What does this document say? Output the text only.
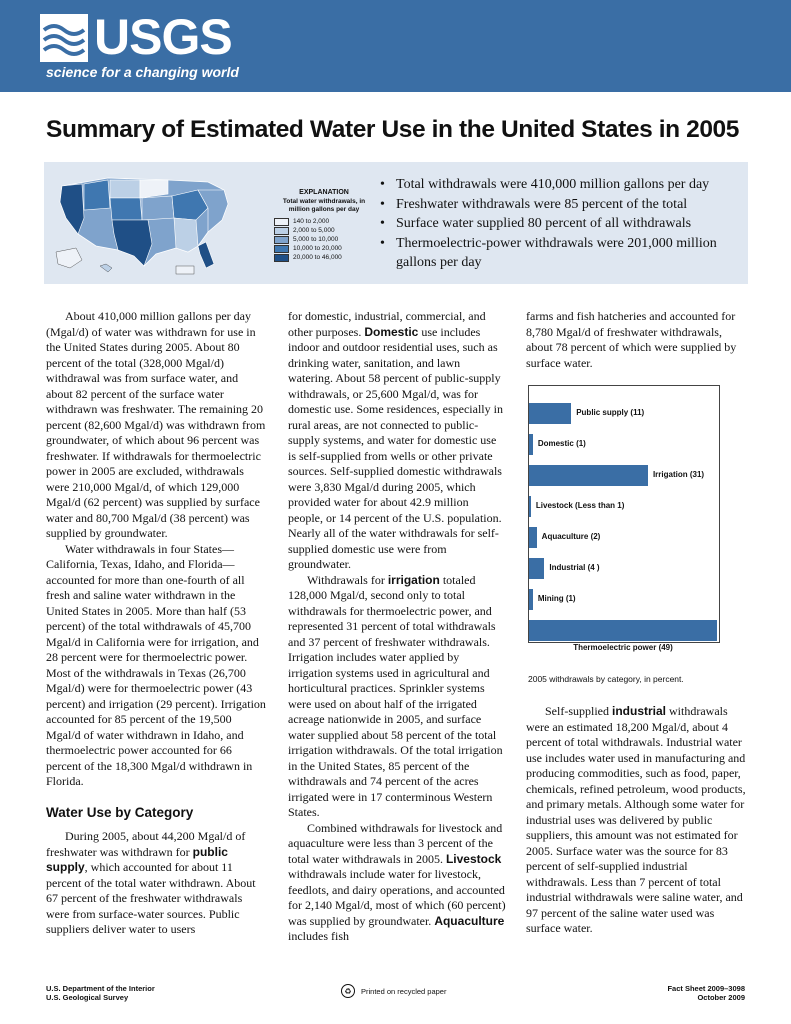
USGS
science for a changing world
Summary of Estimated Water Use in the United States in 2005
EXPLANATION
Total water withdrawals, in million gallons per day
140 to 2,000
2,000 to 5,000
5,000 to 10,000
10,000 to 20,000
20,000 to 46,000
• Total withdrawals were 410,000 million gallons per day
• Freshwater withdrawals were 85 percent of the total
• Surface water supplied 80 percent of all withdrawals
• Thermoelectric-power withdrawals were 201,000 million gallons per day

About 410,000 million gallons per day (Mgal/d) of water was withdrawn for use in the United States during 2005. About 80 percent of the total (328,000 Mgal/d) withdrawal was from surface water, and about 82 percent of the surface water withdrawn was freshwater. The remaining 20 percent (82,600 Mgal/d) was withdrawn from groundwater, of which about 96 percent was freshwater. If withdrawals for thermoelectric power in 2005 are excluded, withdrawals were 210,000 Mgal/d, of which 129,000 Mgal/d (62 percent) was supplied by surface water and 80,700 Mgal/d (38 percent) was supplied by groundwater.

Water withdrawals in four States—California, Texas, Idaho, and Florida—accounted for more than one-fourth of all fresh and saline water withdrawn in the United States in 2005. More than half (53 percent) of the total withdrawals of 45,700 Mgal/d in California were for irrigation, and 28 percent were for thermoelectric power. Most of the withdrawals in Texas (26,700 Mgal/d) were for thermoelectric power (43 percent) and irrigation (29 percent). Irrigation accounted for 85 percent of the 19,500 Mgal/d of water withdrawn in Idaho, and thermoelectric power accounted for 66 percent of the 18,300 Mgal/d withdrawn in Florida.

Water Use by Category

During 2005, about 44,200 Mgal/d of freshwater was withdrawn for public supply, which accounted for about 11 percent of the total water withdrawn. About 67 percent of the freshwater withdrawals were from surface-water sources. Public suppliers deliver water to users

for domestic, industrial, commercial, and other purposes. Domestic use includes indoor and outdoor residential uses, such as drinking water, sanitation, and lawn watering. About 58 percent of public-supply withdrawals, or 25,600 Mgal/d, was for domestic use. Some residences, especially in rural areas, are not connected to public-supply systems, and water for domestic use is self-supplied from wells or other private sources. Self-supplied domestic withdrawals were 3,830 Mgal/d during 2005, which provided water for about 42.9 million people, or 14 percent of the U.S. population. Nearly all of the water withdrawals for self-supplied domestic use were from groundwater.

Withdrawals for irrigation totaled 128,000 Mgal/d, second only to total withdrawals for thermoelectric power, and represented 31 percent of total withdrawals and 37 percent of freshwater withdrawals. Irrigation includes water applied by irrigation systems used in agricultural and horticultural practices. Sprinkler systems were used on about half of the irrigated acreage nationwide in 2005, and surface water supplied about 58 percent of the total irrigation withdrawals. Of the total irrigation in the United States, 85 percent of the withdrawals and 74 percent of the acres irrigated were in 17 conterminous Western States.

Combined withdrawals for livestock and aquaculture were less than 3 percent of the total water withdrawals in 2005. Livestock withdrawals include water for livestock, feedlots, and dairy operations, and accounted for 2,140 Mgal/d, most of which (60 percent) was supplied by groundwater. Aquaculture includes fish

farms and fish hatcheries and accounted for 8,780 Mgal/d of freshwater withdrawals, about 78 percent of which were supplied by surface water.

Self-supplied industrial withdrawals were an estimated 18,200 Mgal/d, about 4 percent of total withdrawals. Industrial water use includes water used in manufacturing and producing commodities, such as food, paper, chemicals, refined petroleum, wood products, and primary metals. Although some water for industrial uses was delivered by public suppliers, this amount was not estimated for 2005. Surface water was the source for 83 percent of self-supplied industrial withdrawals. Less than 7 percent of total industrial withdrawals were saline water, and 97 percent of the saline water used was surface water.

Public supply (11)
Domestic (1)
Irrigation (31)
Livestock (Less than 1)
Aquaculture (2)
Industrial (4 )
Mining (1)
Thermoelectric power (49)
2005 withdrawals by category, in percent.
U.S. Department of the Interior
U.S. Geological Survey
♻	Printed on recycled paper	Fact Sheet 2009–3098
October 2009
